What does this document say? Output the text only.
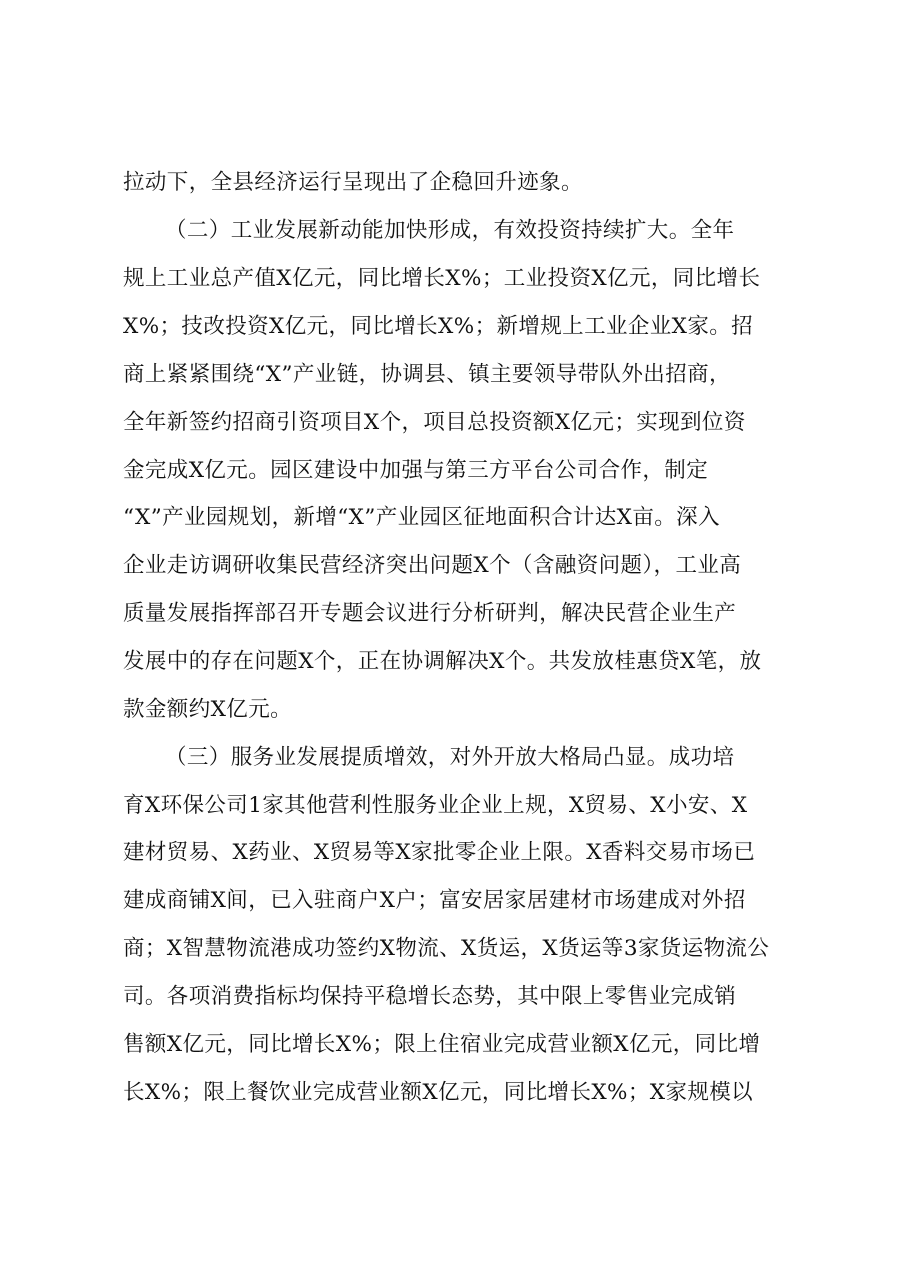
拉动下，全县经济运行呈现出了企稳回升迹象。
（二）工业发展新动能加快形成，有效投资持续扩大。全年
规上工业总产值X亿元，同比增长X%；工业投资X亿元，同比增长
X%；技改投资X亿元，同比增长X%；新增规上工业企业X家。招
商上紧紧围绕“X”产业链，协调县、镇主要领导带队外出招商，
全年新签约招商引资项目X个，项目总投资额X亿元；实现到位资
金完成X亿元。园区建设中加强与第三方平台公司合作，制定
“X”产业园规划，新增“X”产业园区征地面积合计达X亩。深入
企业走访调研收集民营经济突出问题X个（含融资问题），工业高
质量发展指挥部召开专题会议进行分析研判，解决民营企业生产
发展中的存在问题X个，正在协调解决X个。共发放桂惠贷X笔，放
款金额约X亿元。
（三）服务业发展提质增效，对外开放大格局凸显。成功培
育X环保公司1家其他营利性服务业企业上规，X贸易、X小安、X
建材贸易、X药业、X贸易等X家批零企业上限。X香料交易市场已
建成商铺X间，已入驻商户X户；富安居家居建材市场建成对外招
商；X智慧物流港成功签约X物流、X货运，X货运等3家货运物流公
司。各项消费指标均保持平稳增长态势，其中限上零售业完成销
售额X亿元，同比增长X%；限上住宿业完成营业额X亿元，同比增
长X%；限上餐饮业完成营业额X亿元，同比增长X%；X家规模以
